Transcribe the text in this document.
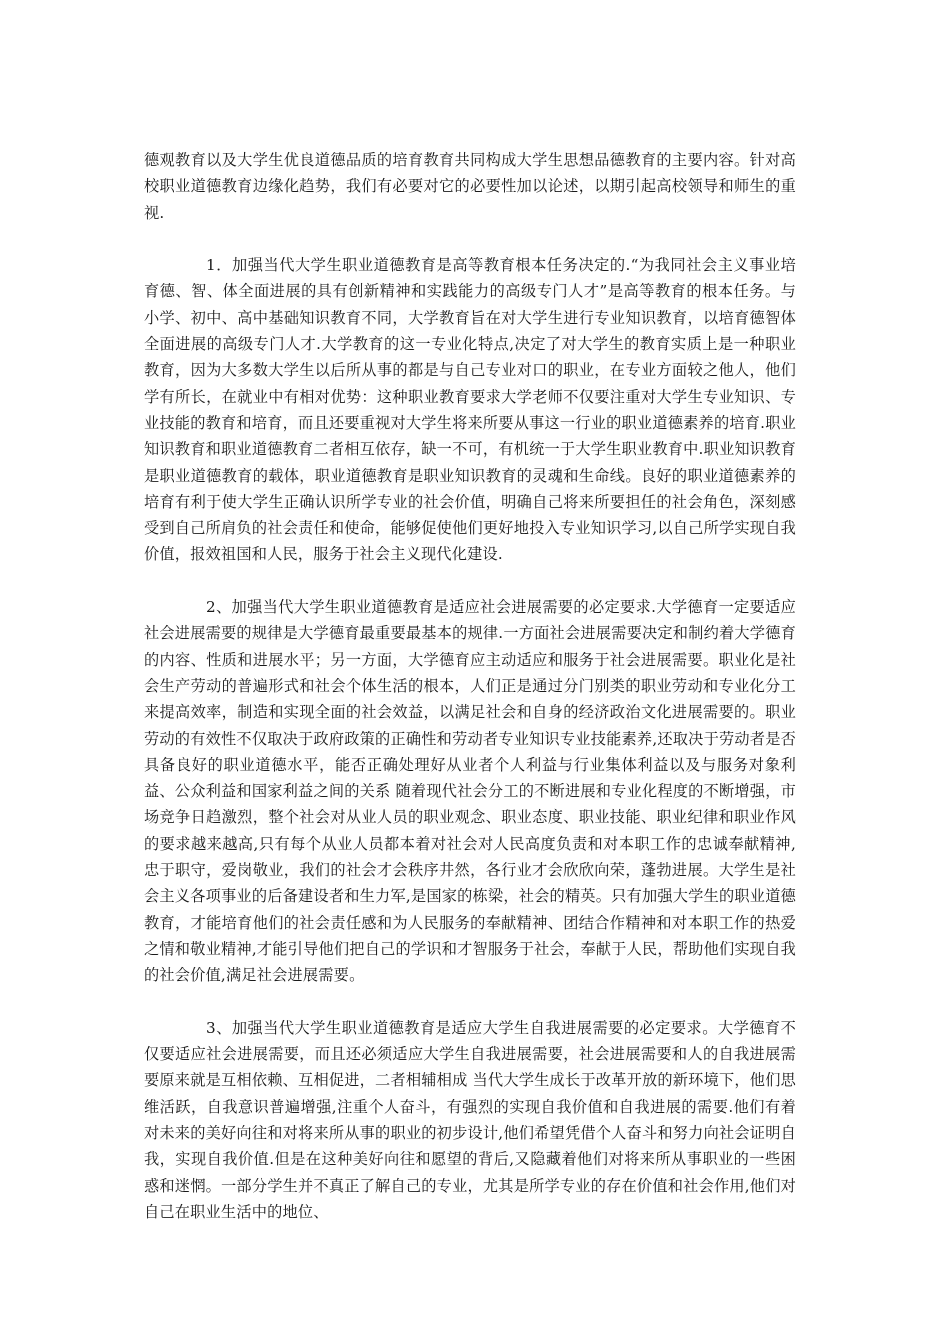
德观教育以及大学生优良道德品质的培育教育共同构成大学生思想品德教育的主要内容。针对高校职业道德教育边缘化趋势，我们有必要对它的必要性加以论述，以期引起高校领导和师生的重视.

1．加强当代大学生职业道德教育是高等教育根本任务决定的.“为我同社会主义事业培育德、智、体全面进展的具有创新精神和实践能力的高级专门人才”是高等教育的根本任务。与小学、初中、高中基础知识教育不同，大学教育旨在对大学生进行专业知识教育，以培育德智体全面进展的高级专门人才.大学教育的这一专业化特点,决定了对大学生的教育实质上是一种职业教育，因为大多数大学生以后所从事的都是与自己专业对口的职业，在专业方面较之他人，他们学有所长，在就业中有相对优势：这种职业教育要求大学老师不仅要注重对大学生专业知识、专业技能的教育和培育，而且还要重视对大学生将来所要从事这一行业的职业道德素养的培育.职业知识教育和职业道德教育二者相互依存，缺一不可，有机统一于大学生职业教育中.职业知识教育是职业道德教育的载体，职业道德教育是职业知识教育的灵魂和生命线。良好的职业道德素养的培育有利于使大学生正确认识所学专业的社会价值，明确自己将来所要担任的社会角色，深刻感受到自己所肩负的社会责任和使命，能够促使他们更好地投入专业知识学习,以自己所学实现自我价值，报效祖国和人民，服务于社会主义现代化建设.

2、加强当代大学生职业道德教育是适应社会进展需要的必定要求.大学德育一定要适应社会进展需要的规律是大学德育最重要最基本的规律.一方面社会进展需要决定和制约着大学德育的内容、性质和进展水平；另一方面，大学德育应主动适应和服务于社会进展需要。职业化是社会生产劳动的普遍形式和社会个体生活的根本，人们正是通过分门别类的职业劳动和专业化分工来提高效率，制造和实现全面的社会效益，以满足社会和自身的经济政治文化进展需要的。职业劳动的有效性不仅取决于政府政策的正确性和劳动者专业知识专业技能素养,还取决于劳动者是否具备良好的职业道德水平，能否正确处理好从业者个人利益与行业集体利益以及与服务对象利益、公众利益和国家利益之间的关系 随着现代社会分工的不断进展和专业化程度的不断增强，市场竞争日趋激烈，整个社会对从业人员的职业观念、职业态度、职业技能、职业纪律和职业作风的要求越来越高,只有每个从业人员都本着对社会对人民高度负责和对本职工作的忠诚奉献精神,忠于职守，爱岗敬业，我们的社会才会秩序井然，各行业才会欣欣向荣，蓬勃进展。大学生是社会主义各项事业的后备建设者和生力军,是国家的栋梁，社会的精英。只有加强大学生的职业道德教育，才能培育他们的社会责任感和为人民服务的奉献精神、团结合作精神和对本职工作的热爱之情和敬业精神,才能引导他们把自己的学识和才智服务于社会，奉献于人民，帮助他们实现自我的社会价值,满足社会进展需要。

3、加强当代大学生职业道德教育是适应大学生自我进展需要的必定要求。大学德育不仅要适应社会进展需要，而且还必须适应大学生自我进展需要，社会进展需要和人的自我进展需要原来就是互相依赖、互相促进，二者相辅相成 当代大学生成长于改革开放的新环境下，他们思维活跃，自我意识普遍增强,注重个人奋斗，有强烈的实现自我价值和自我进展的需要.他们有着对未来的美好向往和对将来所从事的职业的初步设计,他们希望凭借个人奋斗和努力向社会证明自我，实现自我价值.但是在这种美好向往和愿望的背后,又隐藏着他们对将来所从事职业的一些困惑和迷惘。一部分学生并不真正了解自己的专业，尤其是所学专业的存在价值和社会作用,他们对自己在职业生活中的地位、
